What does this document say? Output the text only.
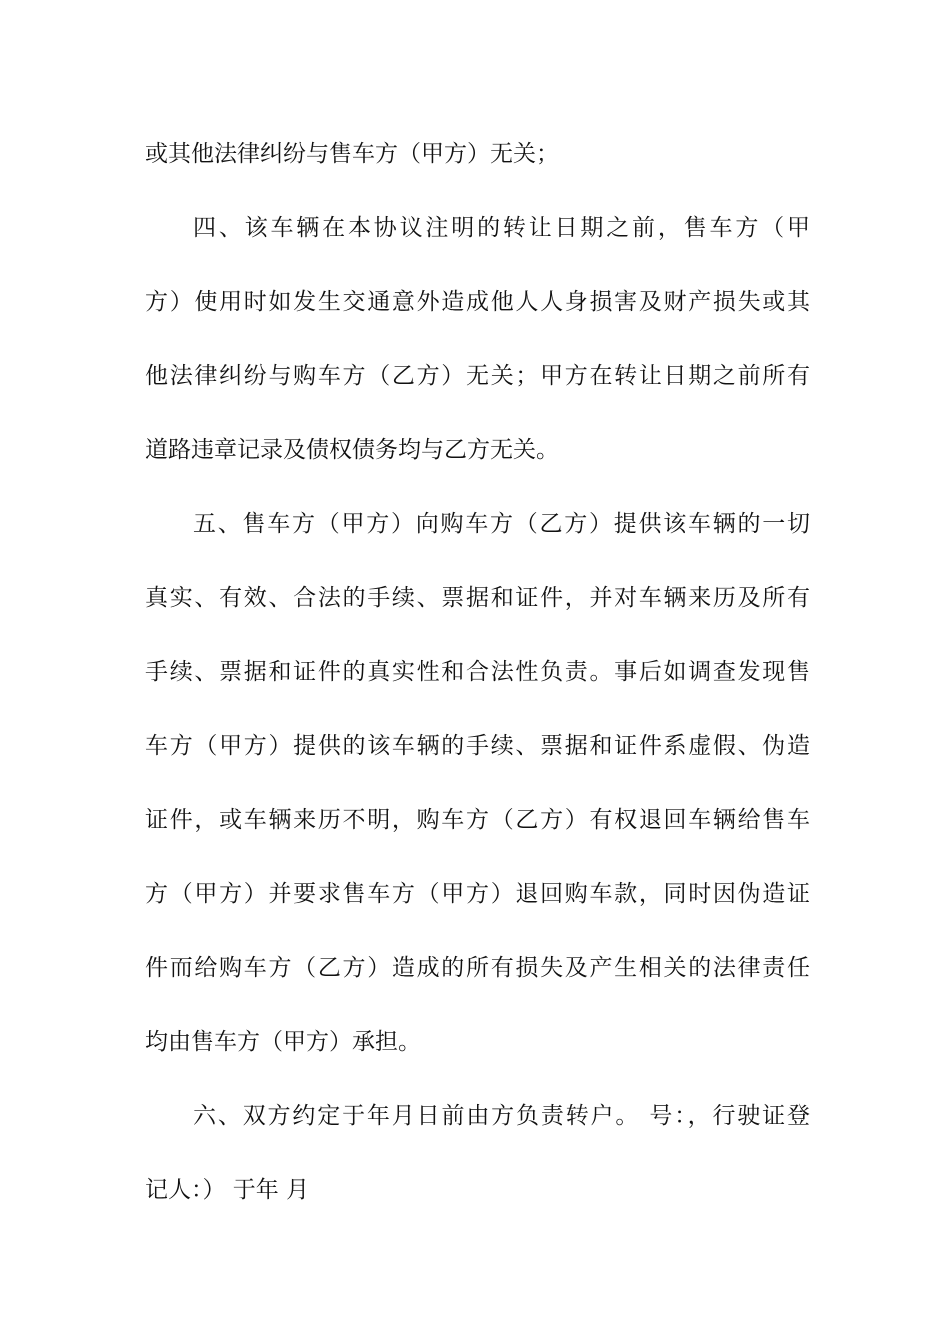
或其他法律纠纷与售车方（甲方）无关；
四、该车辆在本协议注明的转让日期之前，售车方（甲
方）使用时如发生交通意外造成他人人身损害及财产损失或其
他法律纠纷与购车方（乙方）无关；甲方在转让日期之前所有
道路违章记录及债权债务均与乙方无关。
五、售车方（甲方）向购车方（乙方）提供该车辆的一切
真实、有效、合法的手续、票据和证件，并对车辆来历及所有
手续、票据和证件的真实性和合法性负责。事后如调查发现售
车方（甲方）提供的该车辆的手续、票据和证件系虚假、伪造
证件，或车辆来历不明，购车方（乙方）有权退回车辆给售车
方（甲方）并要求售车方（甲方）退回购车款，同时因伪造证
件而给购车方（乙方）造成的所有损失及产生相关的法律责任
均由售车方（甲方）承担。
六、双方约定于年月日前由方负责转户。 号：，行驶证登
记人：） 于年 月
